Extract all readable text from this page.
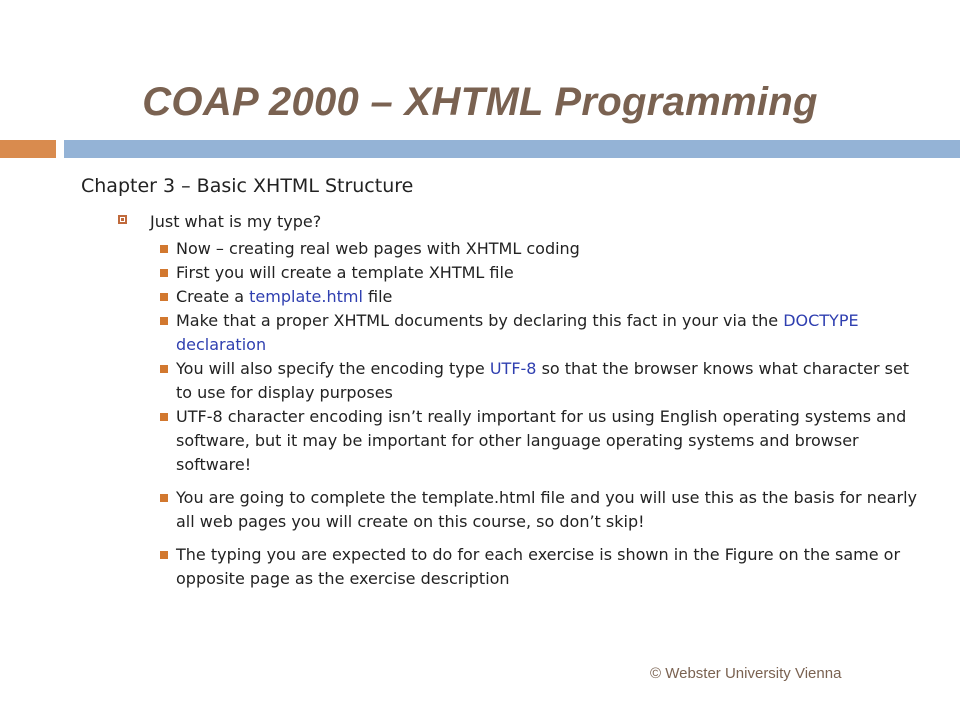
COAP 2000 – XHTML Programming
Chapter 3 – Basic XHTML Structure
Just what is my type?
Now – creating real web pages with XHTML coding
First you will create a template XHTML file
Create a template.html file
Make that a proper XHTML documents by declaring this fact in your via the DOCTYPE declaration
You will also specify the encoding type UTF-8 so that the browser knows what character set to use for display purposes
UTF-8 character encoding isn’t really important for us using English operating systems and software, but it may be important for other language operating systems and browser software!
You are going to complete the template.html file and you will use this as the basis for nearly all web pages you will create on this course, so don’t skip!
The typing you are expected to do for each exercise is shown in the Figure on the same or opposite page as the exercise description
© Webster University Vienna
